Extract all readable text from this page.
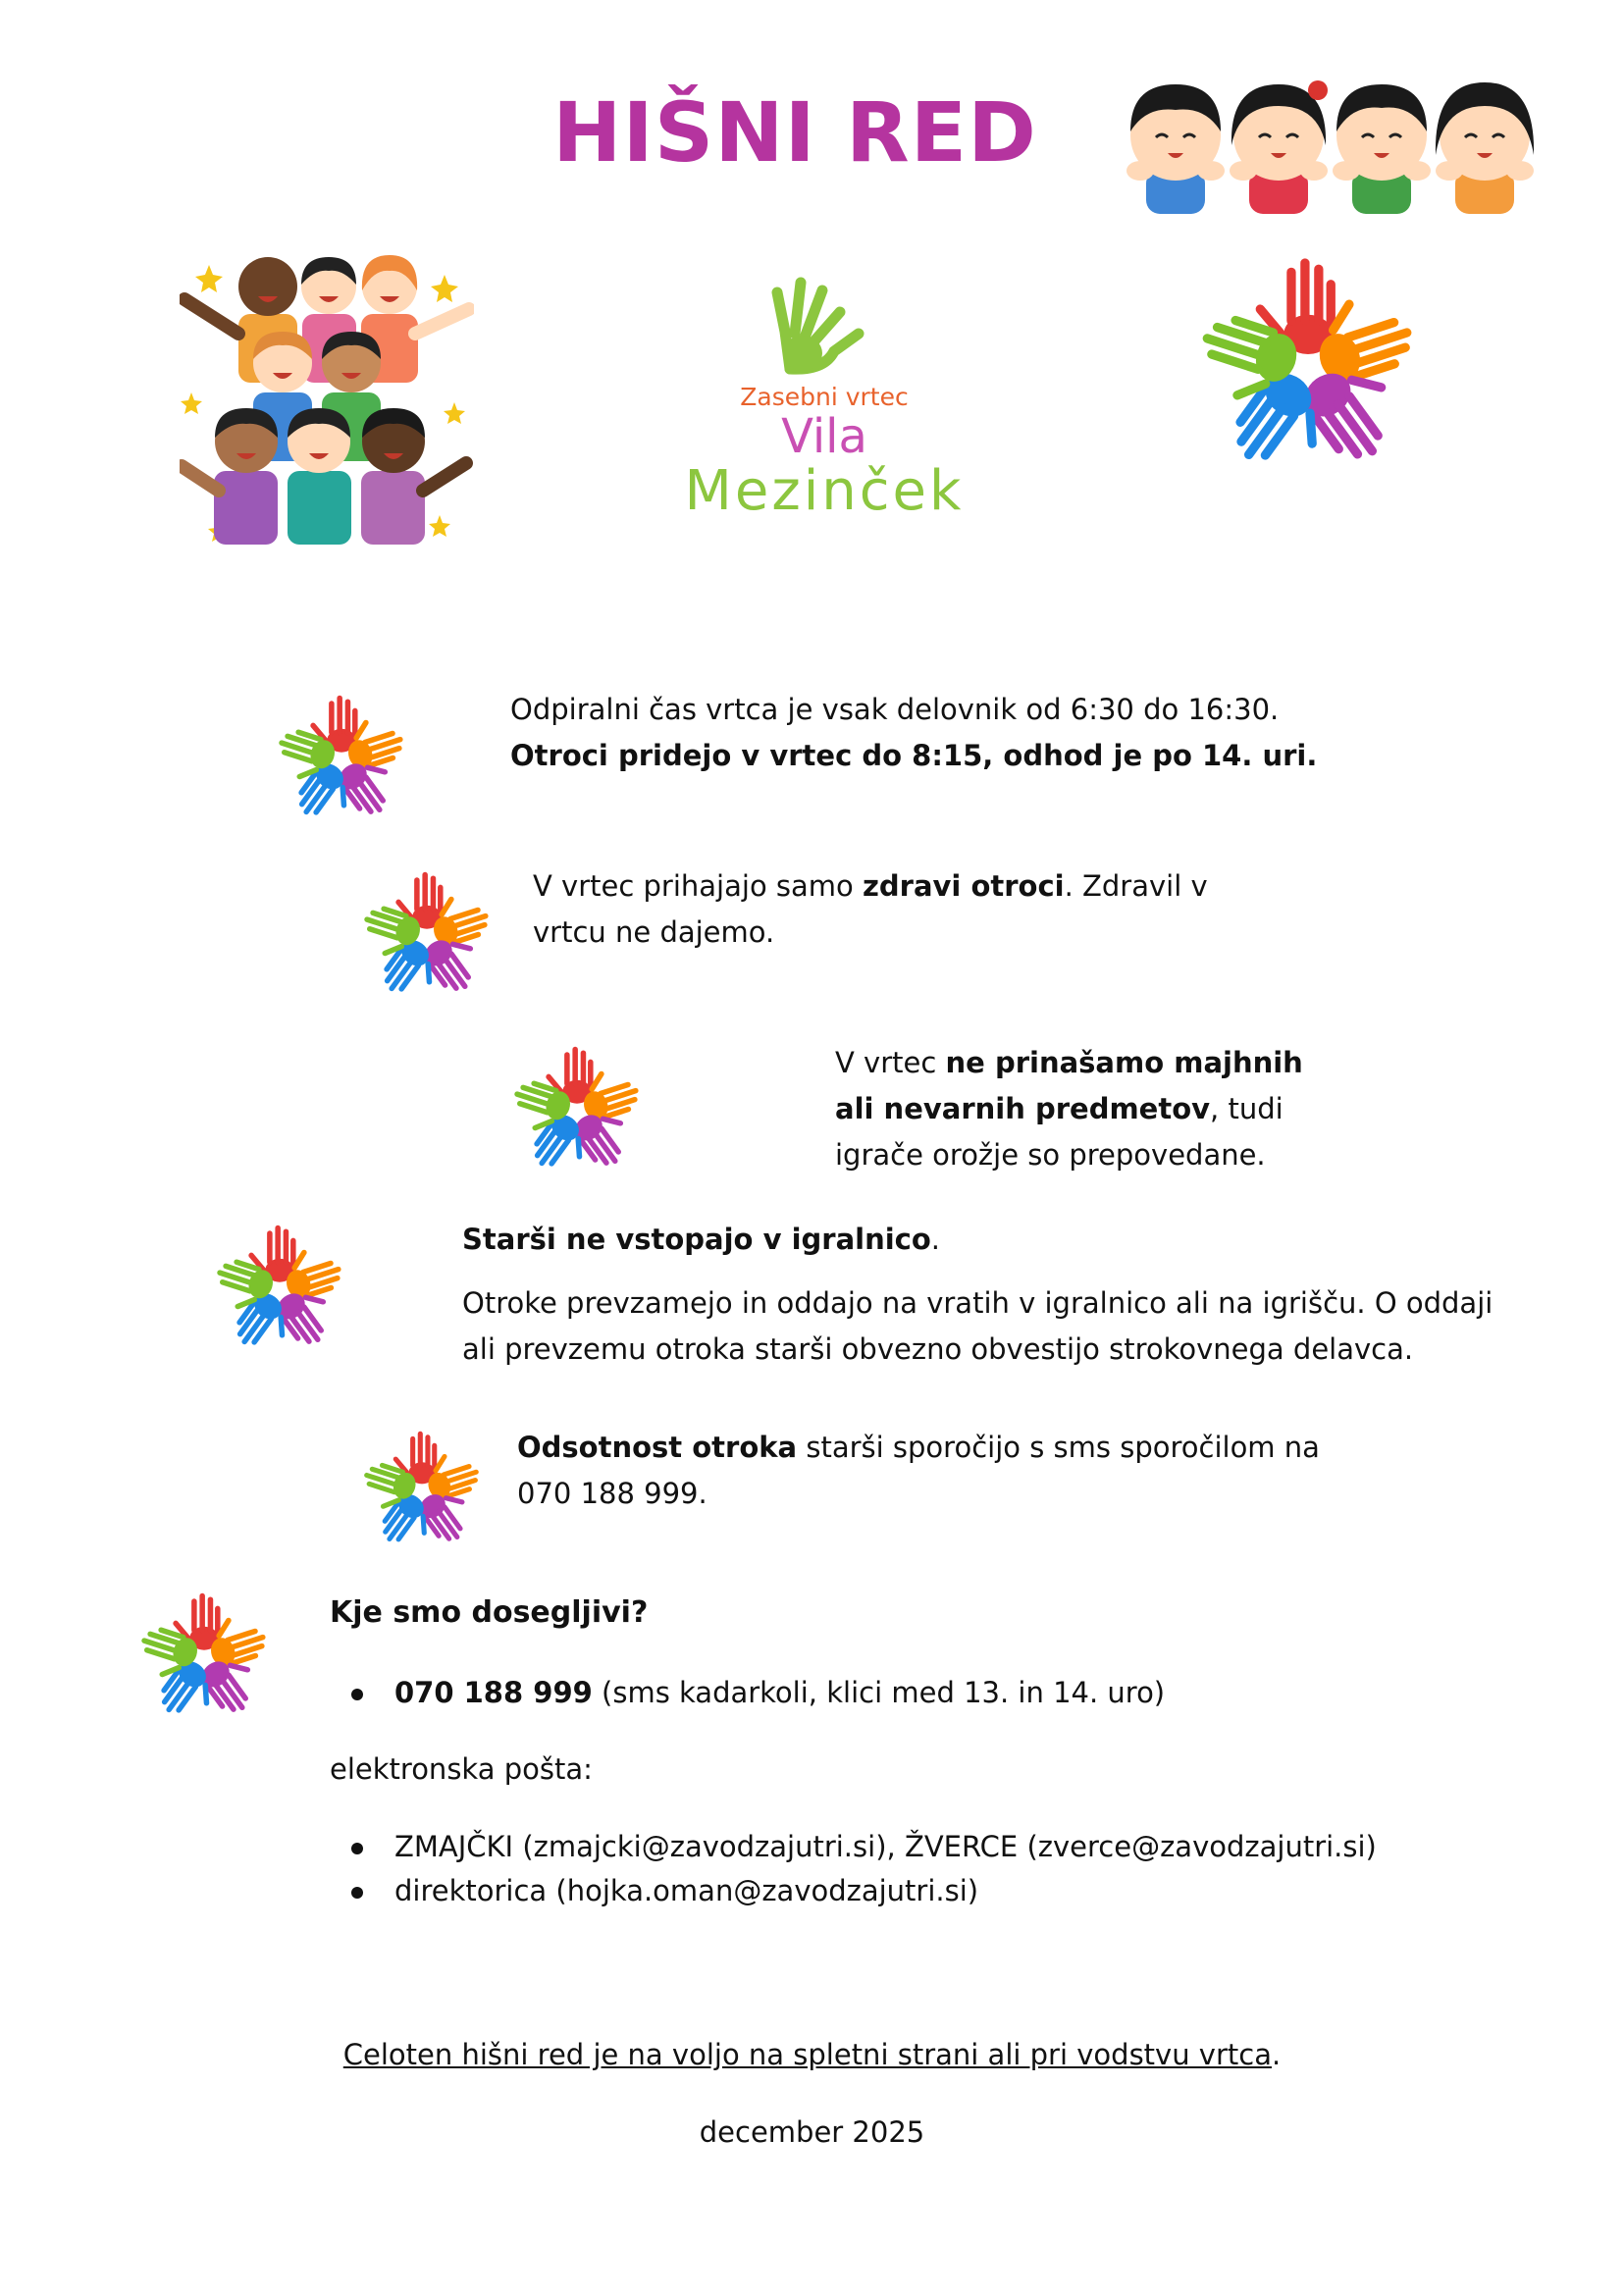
HIŠNI RED
Zasebni vrtec
Vila
Mezinček
Odpiralni čas vrtca je vsak delovnik od 6:30 do 16:30. Otroci pridejo v vrtec do 8:15, odhod je po 14. uri.
V vrtec prihajajo samo zdravi otroci. Zdravil v vrtcu ne dajemo.
V vrtec ne prinašamo majhnih ali nevarnih predmetov, tudi igrače orožje so prepovedane.
Starši ne vstopajo v igralnico.
Otroke prevzamejo in oddajo na vratih v igralnico ali na igrišču. O oddaji ali prevzemu otroka starši obvezno obvestijo strokovnega delavca.
Odsotnost otroka starši sporočijo s sms sporočilom na 070 188 999.
Kje smo dosegljivi?
070 188 999 (sms kadarkoli, klici med 13. in 14. uro)
elektronska pošta:
ZMAJČKI (zmajcki@zavodzajutri.si), ŽVERCE (zverce@zavodzajutri.si)
direktorica (hojka.oman@zavodzajutri.si)
Celoten hišni red je na voljo na spletni strani ali pri vodstvu vrtca.
december 2025
